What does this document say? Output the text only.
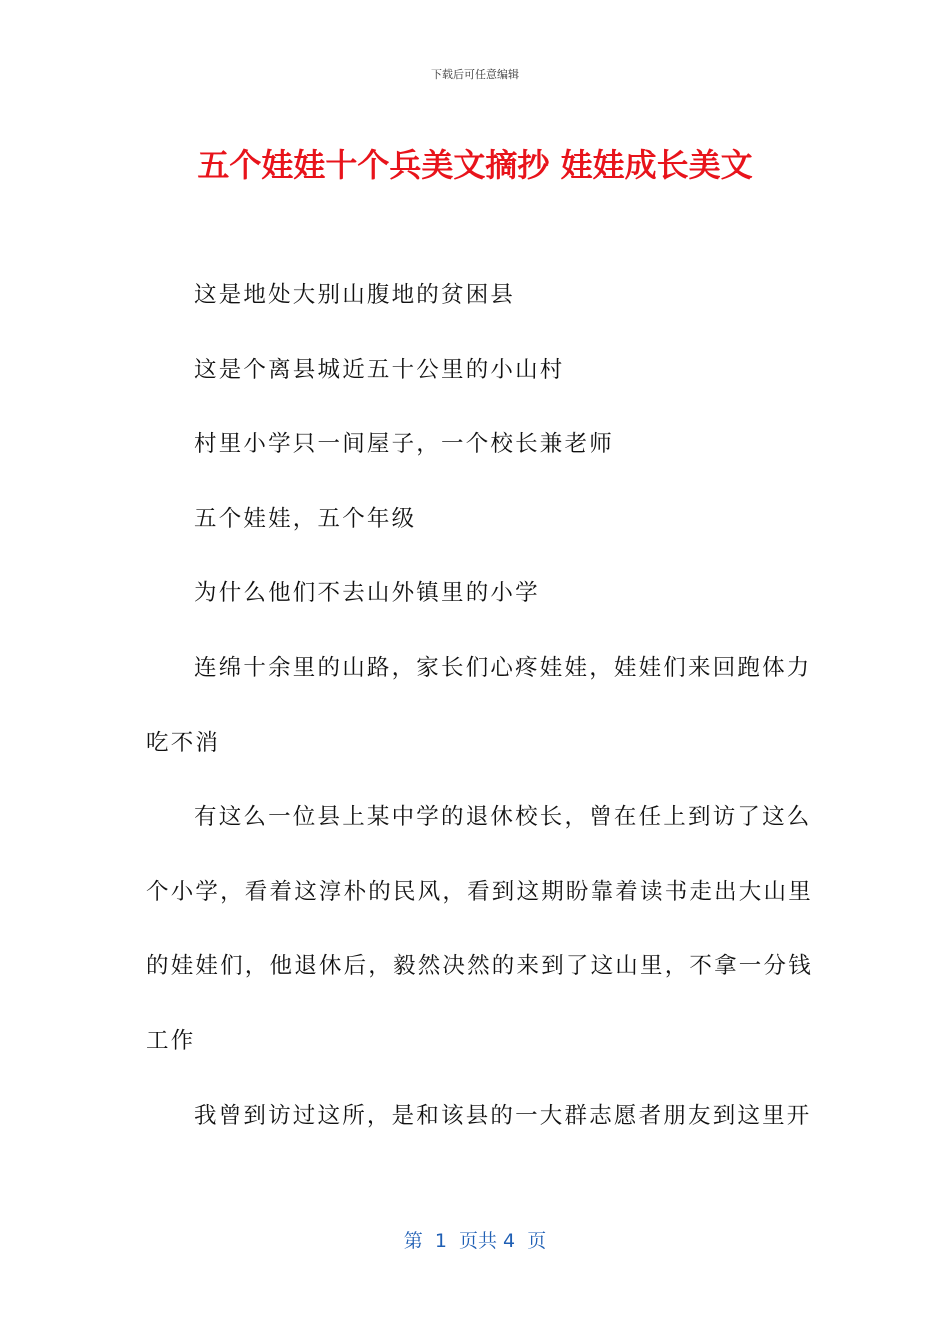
下载后可任意编辑
五个娃娃十个兵美文摘抄 娃娃成长美文
这是地处大别山腹地的贫困县
这是个离县城近五十公里的小山村
村里小学只一间屋子，一个校长兼老师
五个娃娃，五个年级
为什么他们不去山外镇里的小学
连绵十余里的山路，家长们心疼娃娃，娃娃们来回跑体力
吃不消
有这么一位县上某中学的退休校长，曾在任上到访了这么
个小学，看着这淳朴的民风，看到这期盼靠着读书走出大山里
的娃娃们，他退休后，毅然决然的来到了这山里，不拿一分钱
工作
我曾到访过这所，是和该县的一大群志愿者朋友到这里开
第  1  页共 4  页
